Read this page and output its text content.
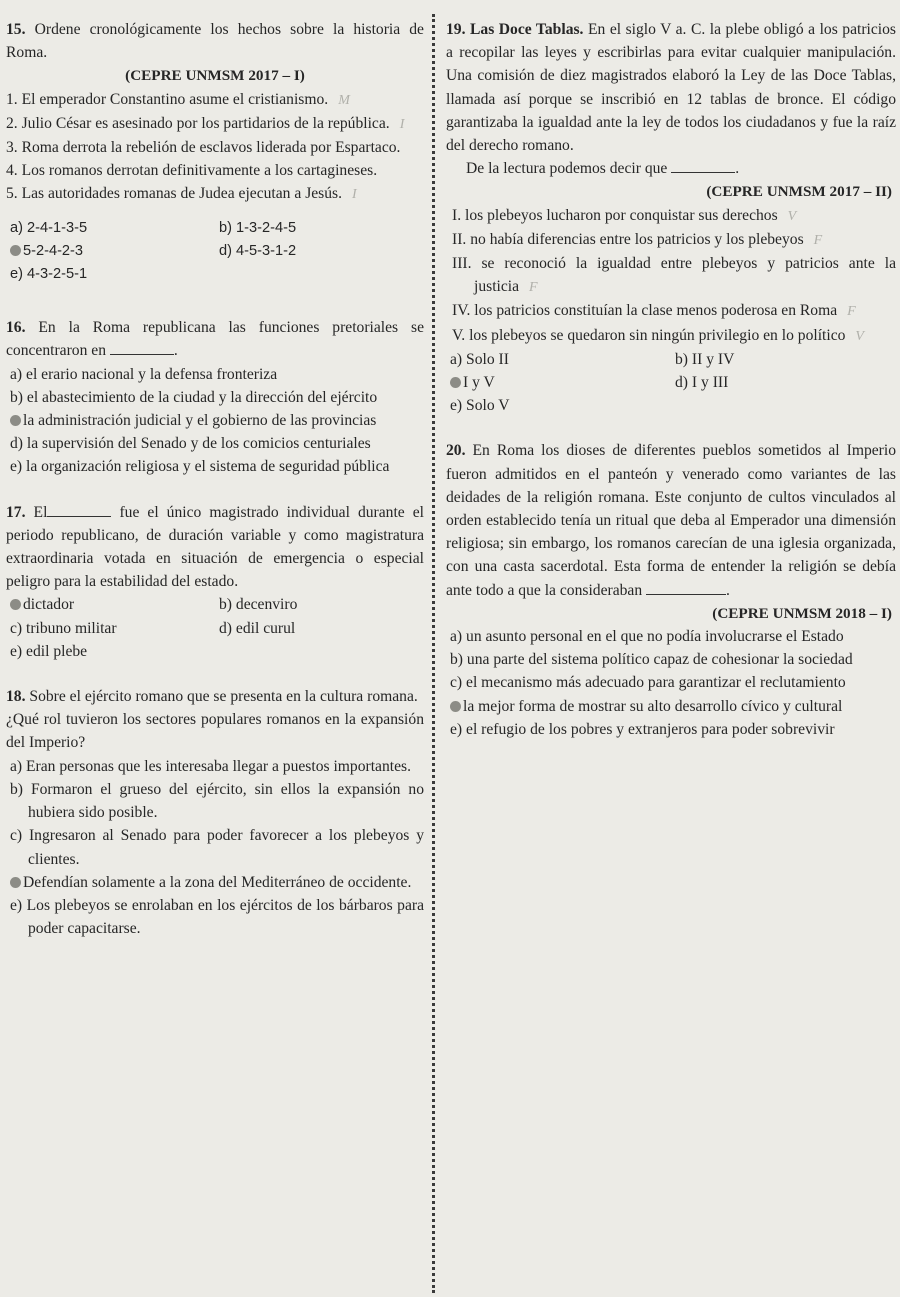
15. Ordene cronológicamente los hechos sobre la historia de Roma.
(CEPRE UNMSM 2017 – I)
1. El emperador Constantino asume el cristianismo. M
2. Julio César es asesinado por los partidarios de la república. I
3. Roma derrota la rebelión de esclavos liderada por Espartaco.
4. Los romanos derrotan definitivamente a los cartagineses.
5. Las autoridades romanas de Judea ejecutan a Jesús. I
a) 2-4-1-3-5	b) 1-3-2-4-5
5-2-4-2-3	d) 4-5-3-1-2
e) 4-3-2-5-1
16. En la Roma republicana las funciones pretoriales se concentraron en	.
a) el erario nacional y la defensa fronteriza
b) el abastecimiento de la ciudad y la dirección del ejército
la administración judicial y el gobierno de las provincias
d) la supervisión del Senado y de los comicios centuriales
e) la organización religiosa y el sistema de seguridad pública
17. El	fue el único magistrado individual durante el periodo republicano, de duración variable y como magistratura extraordinaria votada en situación de emergencia o especial peligro para la estabilidad del estado.
dictador	b) decenviro
c) tribuno militar	d) edil curul
e) edil plebe
18. Sobre el ejército romano que se presenta en la cultura romana.
¿Qué rol tuvieron los sectores populares romanos en la expansión del Imperio?
a) Eran personas que les interesaba llegar a puestos importantes.
b) Formaron el grueso del ejército, sin ellos la expansión no hubiera sido posible.
c) Ingresaron al Senado para poder favorecer a los plebeyos y clientes.
Defendían solamente a la zona del Mediterráneo de occidente.
e) Los plebeyos se enrolaban en los ejércitos de los bárbaros para poder capacitarse.
19. Las Doce Tablas. En el siglo V a. C. la plebe obligó a los patricios a recopilar las leyes y escribirlas para evitar cualquier manipulación. Una comisión de diez magistrados elaboró la Ley de las Doce Tablas, llamada así porque se inscribió en 12 tablas de bronce. El código garantizaba la igualdad ante la ley de todos los ciudadanos y fue la raíz del derecho romano.
De la lectura podemos decir que	.
(CEPRE UNMSM 2017 – II)
I. los plebeyos lucharon por conquistar sus derechos V
II. no había diferencias entre los patricios y los plebeyos F
III. se reconoció la igualdad entre plebeyos y patricios ante la justicia F
IV. los patricios constituían la clase menos poderosa en Roma F
V. los plebeyos se quedaron sin ningún privilegio en lo político V
a) Solo II	b) II y IV
I y V	d) I y III
e) Solo V
20. En Roma los dioses de diferentes pueblos sometidos al Imperio fueron admitidos en el panteón y venerado como variantes de las deidades de la religión romana. Este conjunto de cultos vinculados al orden establecido tenía un ritual que deba al Emperador una dimensión religiosa; sin embargo, los romanos carecían de una iglesia organizada, con una casta sacerdotal. Esta forma de entender la religión se debía ante todo a que la consideraban	.
(CEPRE UNMSM 2018 – I)
a) un asunto personal en el que no podía involucrarse el Estado
b) una parte del sistema político capaz de cohesionar la sociedad
c) el mecanismo más adecuado para garantizar el reclutamiento
la mejor forma de mostrar su alto desarrollo cívico y cultural
e) el refugio de los pobres y extranjeros para poder sobrevivir
